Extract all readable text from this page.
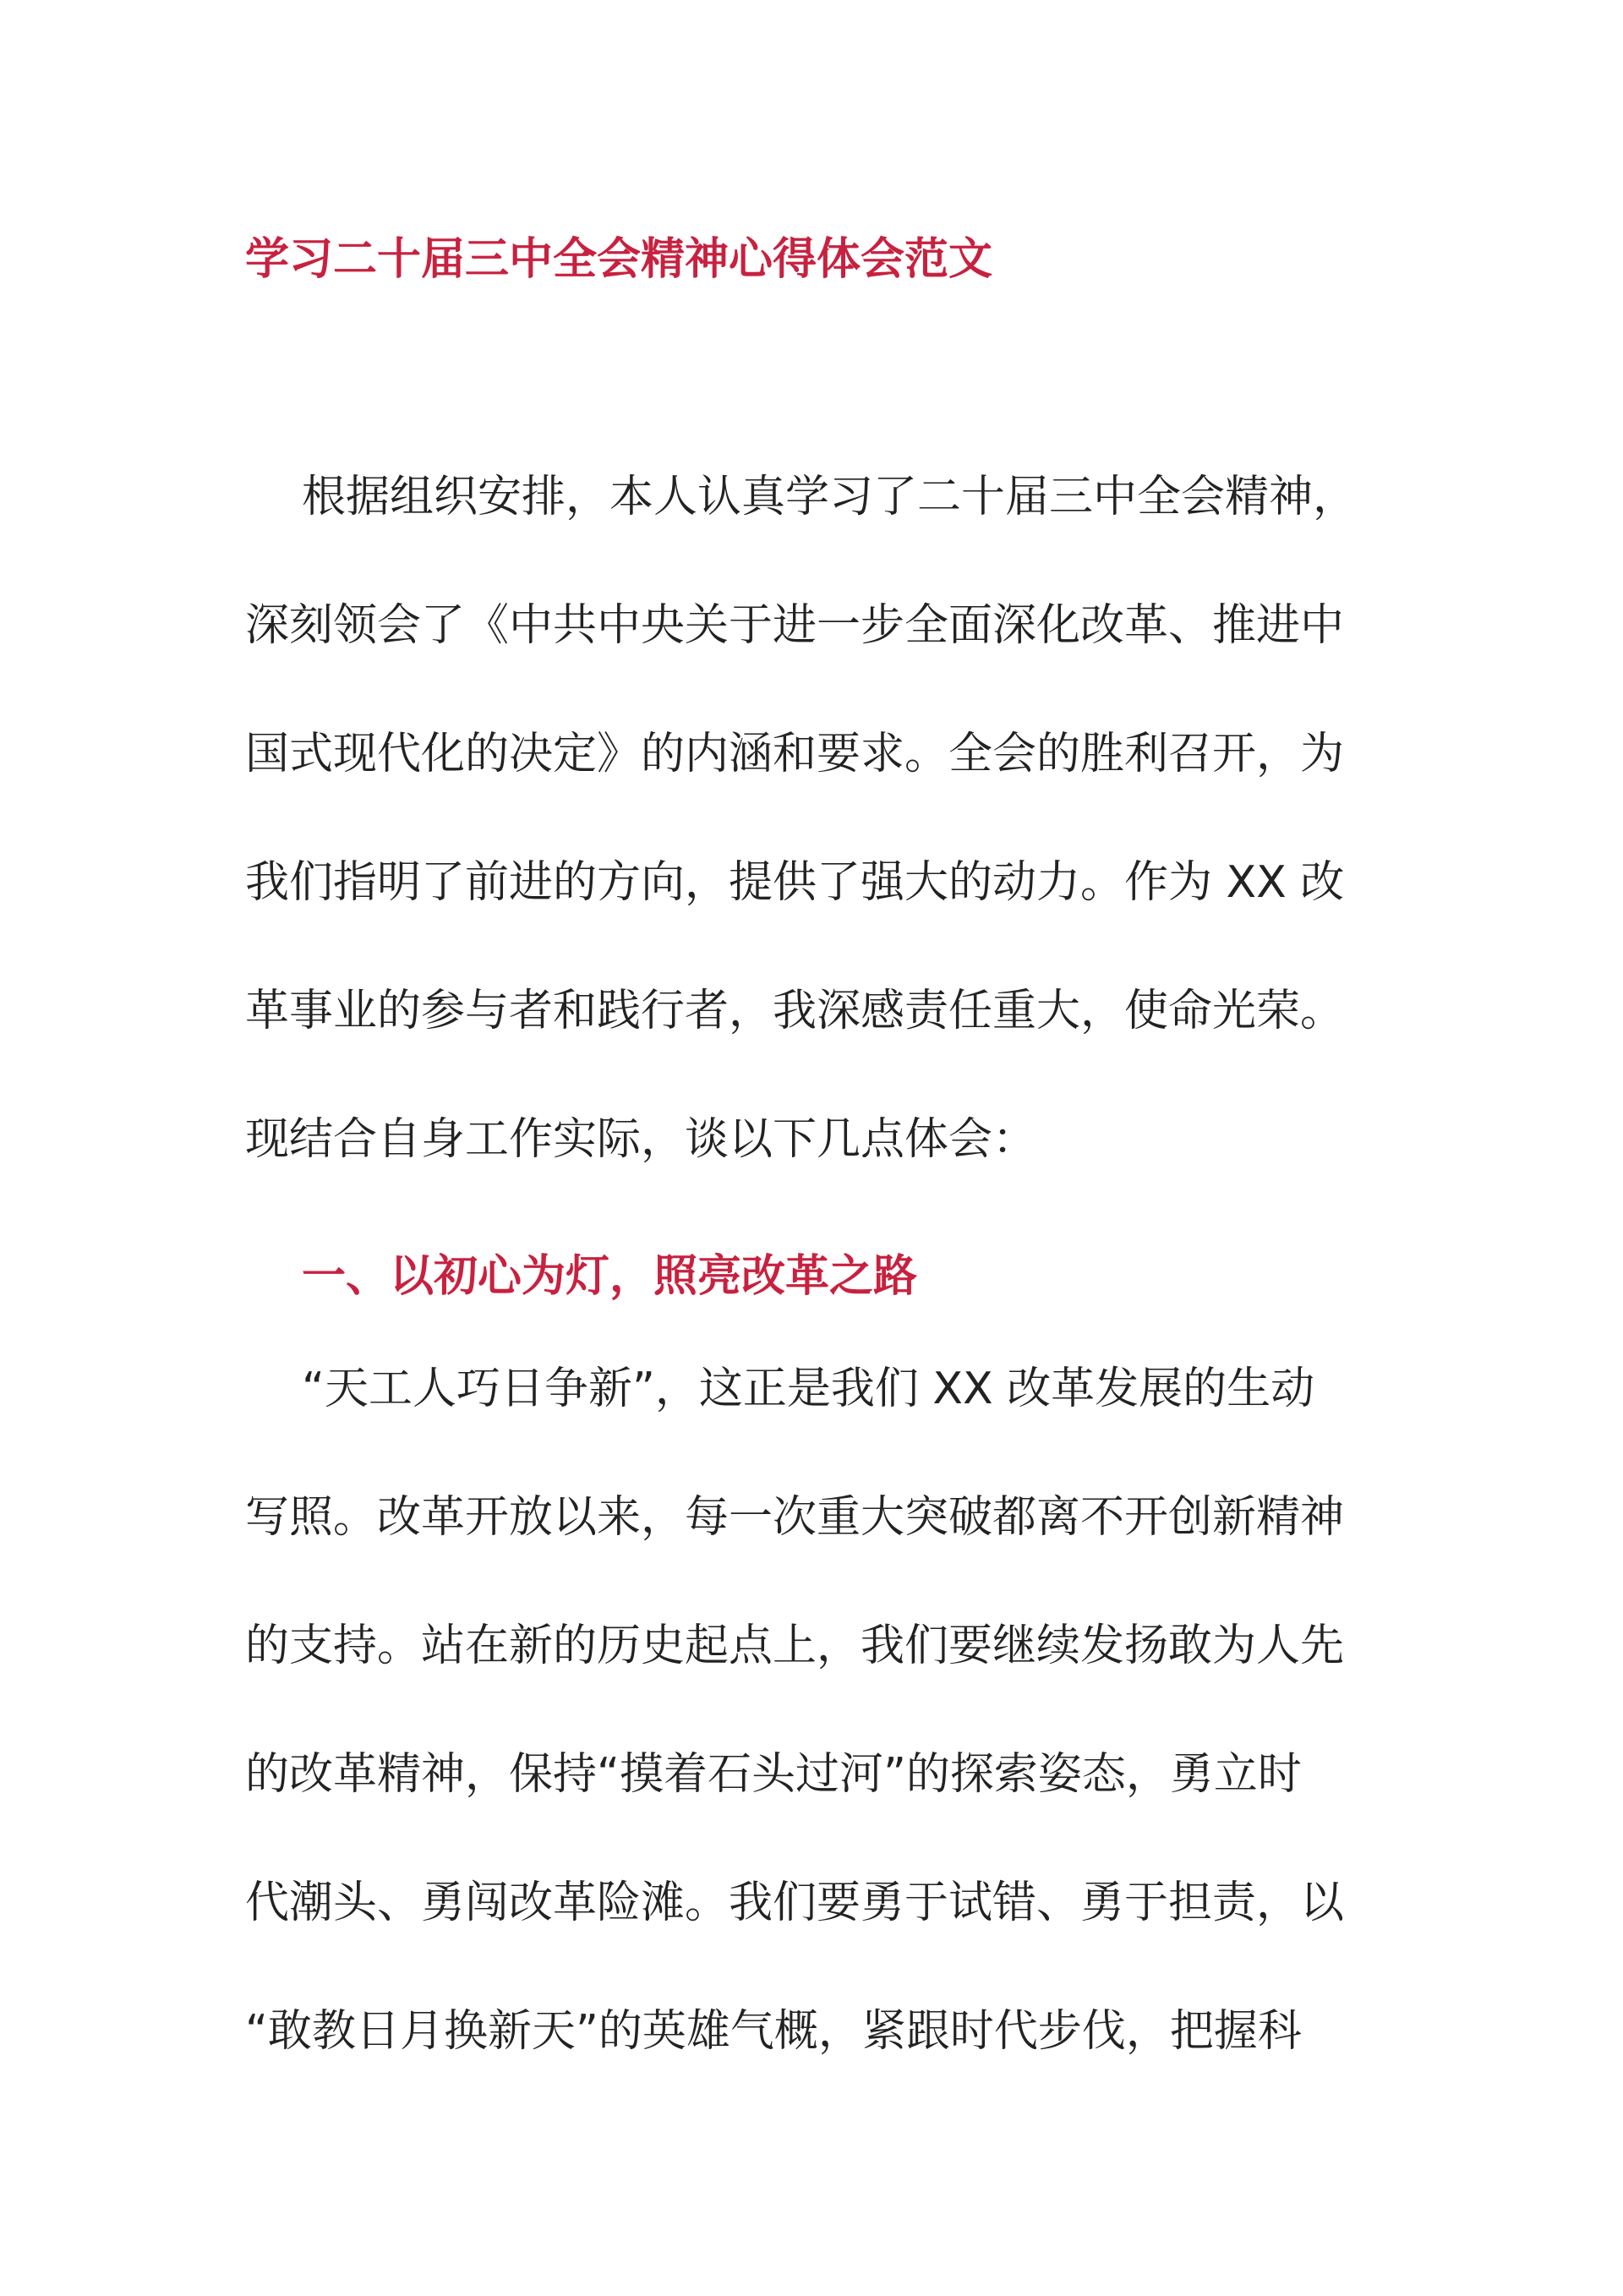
学习二十届三中全会精神心得体会范文
根据组织安排，本人认真学习了二十届三中全会精神，
深刻领会了《中共中央关于进一步全面深化改革、推进中
国式现代化的决定》的内涵和要求。全会的胜利召开，为
我们指明了前进的方向，提供了强大的动力。作为 XX 改
革事业的参与者和践行者，我深感责任重大，使命光荣。
现结合自身工作实际，谈以下几点体会：
一、以初心为灯，照亮改革之路
“天工人巧日争新”，这正是我们 XX 改革发展的生动
写照。改革开放以来，每一次重大突破都离不开创新精神
的支持。站在新的历史起点上，我们要继续发扬敢为人先
的改革精神，保持“摸着石头过河”的探索姿态，勇立时
代潮头、勇闯改革险滩。我们要勇于试错、勇于担责，以
“敢教日月换新天”的英雄气概，紧跟时代步伐，把握科
